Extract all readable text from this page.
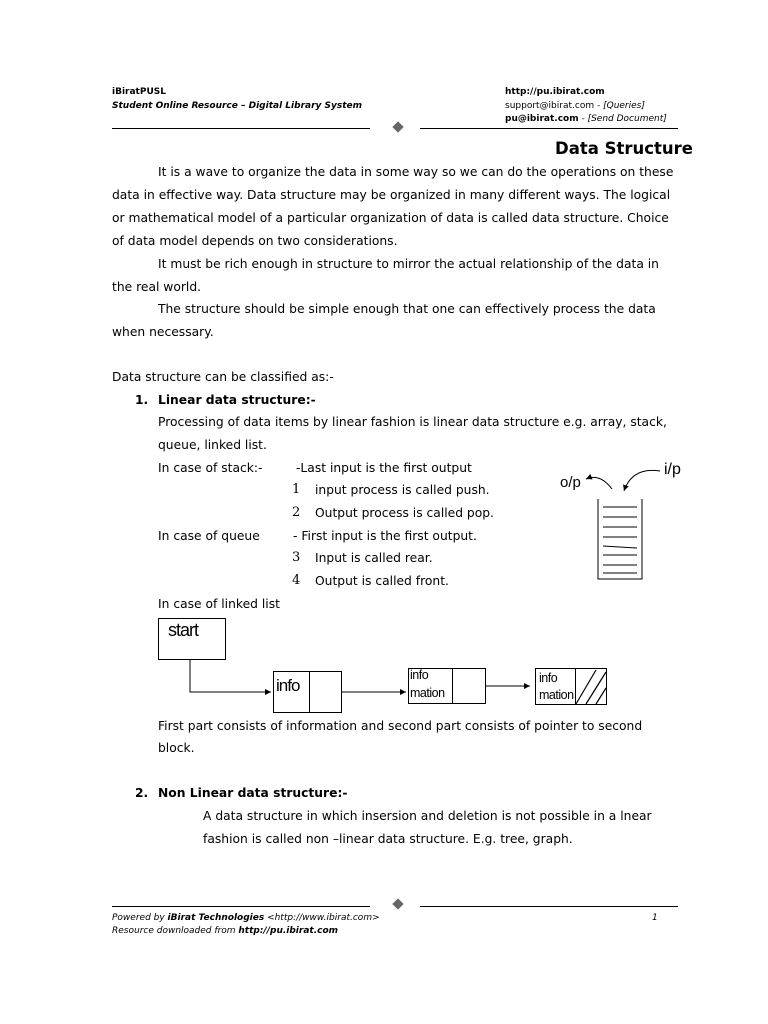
iBiratPUSL
Student Online Resource – Digital Library System
http://pu.ibirat.com
support@ibirat.com - [Queries]
pu@ibirat.com - [Send Document]
Data Structure
It is a wave to organize the data in some way so we can do the operations on these
data in effective way. Data structure may be organized in many different ways. The logical
or mathematical model of a particular organization of data is called data structure. Choice
of data model depends on two considerations.
It must be rich enough in structure to mirror the actual relationship of the data in
the real world.
The structure should be simple enough that one can effectively process the data
when necessary.
Data structure can be classified as:-
1. Linear data structure:-
Processing of data items by linear fashion is linear data structure e.g. array, stack,
queue, linked list.
In case of stack:-	-Last input is the first output
1 input process is called push.
2 Output process is called pop.
In case of queue	- First input is the first output.
3 Input is called rear.
4 Output is called front.
In case of linked list
o/p
i/p
start
info
info
mation
info
mation
First part consists of information and second part consists of pointer to second
block.
2. Non Linear data structure:-
A data structure in which insersion and deletion is not possible in a lnear
fashion is called non –linear data structure. E.g. tree, graph.
Powered by iBirat Technologies <http://www.ibirat.com>	1
Resource downloaded from http://pu.ibirat.com
